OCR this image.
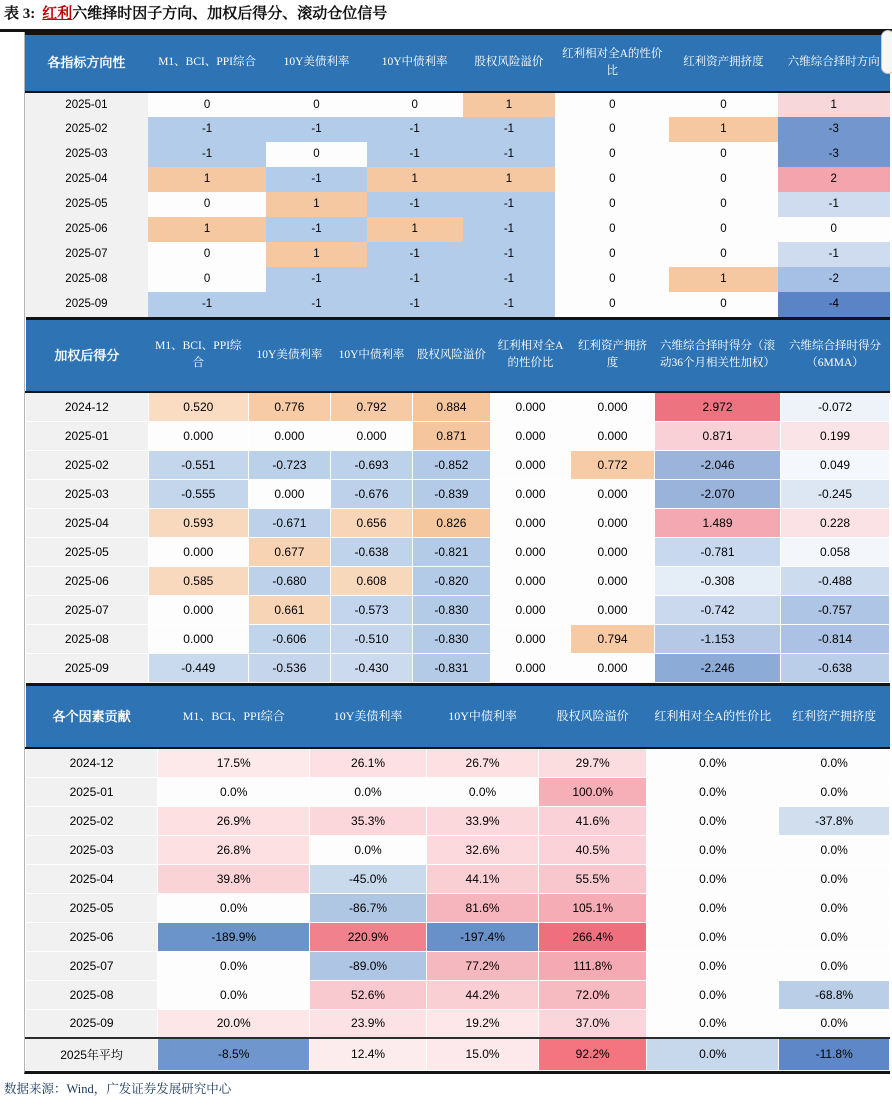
表 3: 红利六维择时因子方向、加权后得分、滚动仓位信号
各指标方向性	M1、BCI、PPI综合	10Y美债利率	10Y中债利率	股权风险溢价	红利相对全A的性价比	红利资产拥挤度	六维综合择时方向
2025-01	0	0	0	1	0	0	1
2025-02	-1	-1	-1	-1	0	1	-3
2025-03	-1	0	-1	-1	0	0	-3
2025-04	1	-1	1	1	0	0	2
2025-05	0	1	-1	-1	0	0	-1
2025-06	1	-1	1	-1	0	0	0
2025-07	0	1	-1	-1	0	0	-1
2025-08	0	-1	-1	-1	0	1	-2
2025-09	-1	-1	-1	-1	0	0	-4
加权后得分	M1、BCI、PPI综合	10Y美债利率	10Y中债利率	股权风险溢价	红利相对全A的性价比	红利资产拥挤度	六维综合择时得分（滚动36个月相关性加权）	六维综合择时得分（6MMA）
2024-12	0.520	0.776	0.792	0.884	0.000	0.000	2.972	-0.072
2025-01	0.000	0.000	0.000	0.871	0.000	0.000	0.871	0.199
2025-02	-0.551	-0.723	-0.693	-0.852	0.000	0.772	-2.046	0.049
2025-03	-0.555	0.000	-0.676	-0.839	0.000	0.000	-2.070	-0.245
2025-04	0.593	-0.671	0.656	0.826	0.000	0.000	1.489	0.228
2025-05	0.000	0.677	-0.638	-0.821	0.000	0.000	-0.781	0.058
2025-06	0.585	-0.680	0.608	-0.820	0.000	0.000	-0.308	-0.488
2025-07	0.000	0.661	-0.573	-0.830	0.000	0.000	-0.742	-0.757
2025-08	0.000	-0.606	-0.510	-0.830	0.000	0.794	-1.153	-0.814
2025-09	-0.449	-0.536	-0.430	-0.831	0.000	0.000	-2.246	-0.638
各个因素贡献	M1、BCI、PPI综合	10Y美债利率	10Y中债利率	股权风险溢价	红利相对全A的性价比	红利资产拥挤度
2024-12	17.5%	26.1%	26.7%	29.7%	0.0%	0.0%
2025-01	0.0%	0.0%	0.0%	100.0%	0.0%	0.0%
2025-02	26.9%	35.3%	33.9%	41.6%	0.0%	-37.8%
2025-03	26.8%	0.0%	32.6%	40.5%	0.0%	0.0%
2025-04	39.8%	-45.0%	44.1%	55.5%	0.0%	0.0%
2025-05	0.0%	-86.7%	81.6%	105.1%	0.0%	0.0%
2025-06	-189.9%	220.9%	-197.4%	266.4%	0.0%	0.0%
2025-07	0.0%	-89.0%	77.2%	111.8%	0.0%	0.0%
2025-08	0.0%	52.6%	44.2%	72.0%	0.0%	-68.8%
2025-09	20.0%	23.9%	19.2%	37.0%	0.0%	0.0%
2025年平均	-8.5%	12.4%	15.0%	92.2%	0.0%	-11.8%
数据来源：Wind，广发证券发展研究中心
